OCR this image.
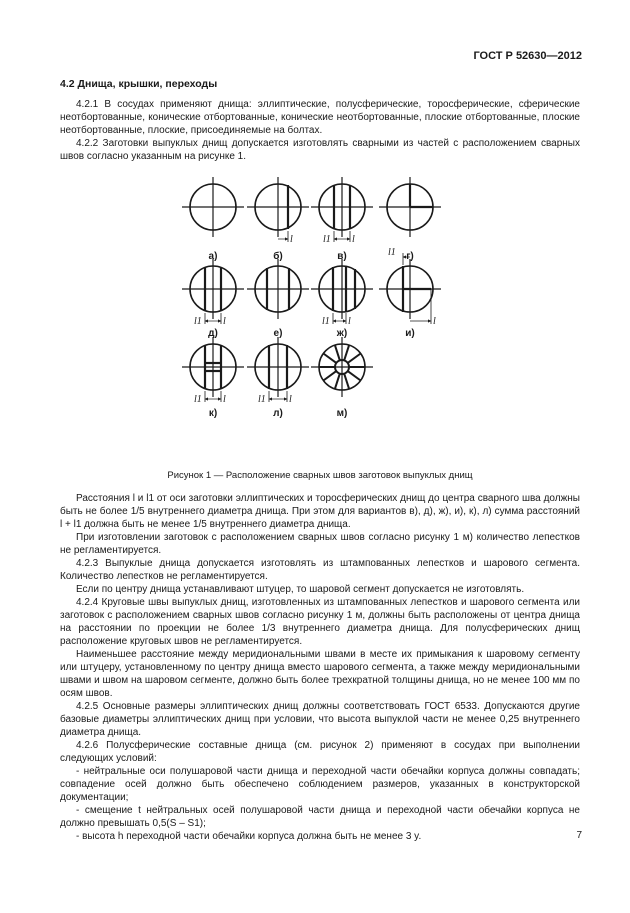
ГОСТ Р 52630—2012

4.2 Днища, крышки, переходы

4.2.1 В сосудах применяют днища: эллиптические, полусферические, торосферические, сферические неотбортованные, конические отбортованные, конические неотбортованные, плоские отбортованные, плоские неотбортованные, плоские, присоединяемые на болтах.

4.2.2 Заготовки выпуклых днищ допускается изготовлять сварными из частей с расположением сварных швов согласно указанным на рисунке 1.

l	l1 l
l1 l	l1 l
l1
l
l1 l	l1 l
а)	б)	в)	г)
д)	е)	ж)	и)
к)	л)	м)

Рисунок 1 — Расположение сварных швов заготовок выпуклых днищ

Расстояния l и l1 от оси заготовки эллиптических и торосферических днищ до центра сварного шва должны быть не более 1/5 внутреннего диаметра днища. При этом для вариантов в), д), ж), и), к), л) сумма расстояний l + l1 должна быть не менее 1/5 внутреннего диаметра днища.

При изготовлении заготовок с расположением сварных швов согласно рисунку 1 м) количество лепестков не регламентируется.

4.2.3 Выпуклые днища допускается изготовлять из штампованных лепестков и шарового сегмента. Количество лепестков не регламентируется.

Если по центру днища устанавливают штуцер, то шаровой сегмент допускается не изготовлять.

4.2.4 Круговые швы выпуклых днищ, изготовленных из штампованных лепестков и шарового сегмента или заготовок с расположением сварных швов согласно рисунку 1 м, должны быть расположены от центра днища на расстоянии по проекции не более 1/3 внутреннего диаметра днища. Для полусферических днищ расположение круговых швов не регламентируется.

Наименьшее расстояние между меридиональными швами в месте их примыкания к шаровому сегменту или штуцеру, установленному по центру днища вместо шарового сегмента, а также между меридиональными швами и швом на шаровом сегменте, должно быть более трехкратной толщины днища, но не менее 100 мм по осям швов.

4.2.5 Основные размеры эллиптических днищ должны соответствовать ГОСТ 6533. Допускаются другие базовые диаметры эллиптических днищ при условии, что высота выпуклой части не менее 0,25 внутреннего диаметра днища.

4.2.6 Полусферические составные днища (см. рисунок 2) применяют в сосудах при выполнении следующих условий:

- нейтральные оси полушаровой части днища и переходной части обечайки корпуса должны совпадать; совпадение осей должно быть обеспечено соблюдением размеров, указанных в конструкторской документации;

- смещение t нейтральных осей полушаровой части днища и переходной части обечайки корпуса не должно превышать 0,5(S – S1);

- высота h переходной части обечайки корпуса должна быть не менее 3 y.	7
